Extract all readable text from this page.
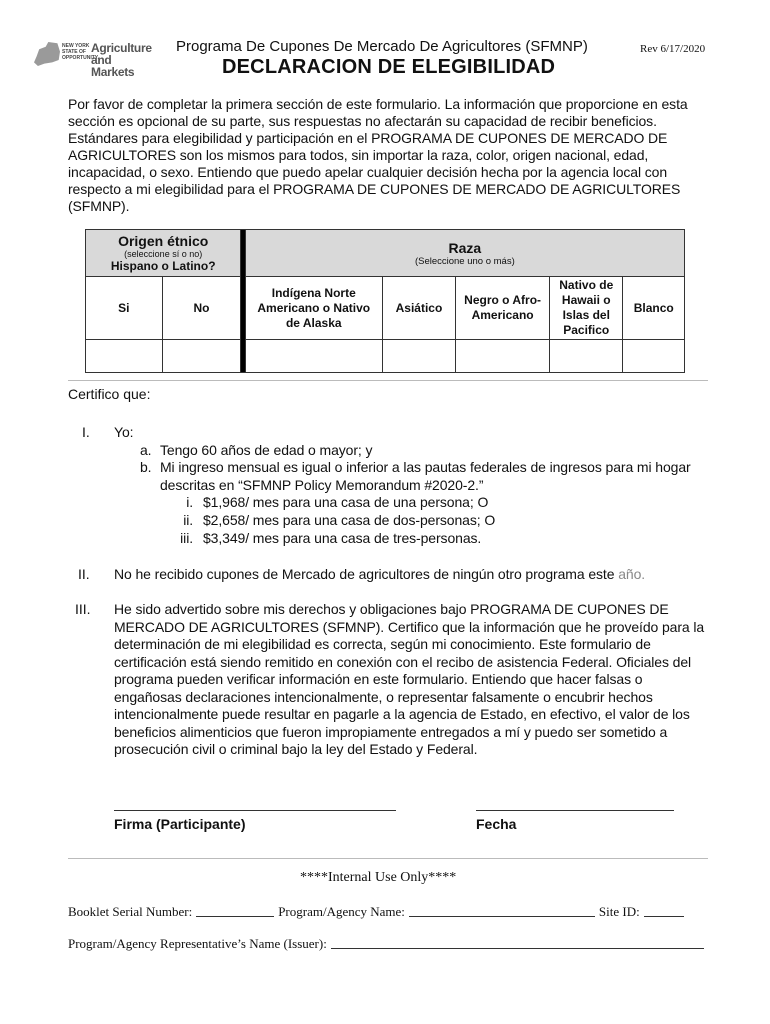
NEW YORK STATE OF OPPORTUNITY.
Agriculture
and Markets
Programa De Cupones De Mercado De Agricultores (SFMNP)	Rev 6/17/2020
DECLARACION DE ELEGIBILIDAD
Por favor de completar la primera sección de este formulario. La información que proporcione en esta sección es opcional de su parte, sus respuestas no afectarán su capacidad de recibir beneficios. Estándares para elegibilidad y participación en el PROGRAMA DE CUPONES DE MERCADO DE AGRICULTORES son los mismos para todos, sin importar la raza, color, origen nacional, edad, incapacidad, o sexo. Entiendo que puedo apelar cualquier decisión hecha por la agencia local con respecto a mi elegibilidad para el PROGRAMA DE CUPONES DE MERCADO DE AGRICULTORES (SFMNP).
Origen étnico
(seleccione sí o no)
Hispano o Latino?			Raza
(Seleccione uno o más)				

Si	No		Indígena Norte Americano o Nativo de Alaska	Asiático	Negro o Afro-Americano	Nativo de Hawaii o Islas del Pacifico	Blanco

Certifico que:
I. Yo:
a. Tengo 60 años de edad o mayor; y
b. Mi ingreso mensual es igual o inferior a las pautas federales de ingresos para mi hogar descritas en “SFMNP Policy Memorandum #2020-2.”
i. $1,968/ mes para una casa de una persona; O
ii. $2,658/ mes para una casa de dos-personas; O
iii. $3,349/ mes para una casa de tres-personas.
II. No he recibido cupones de Mercado de agricultores de ningún otro programa este año.
III. He sido advertido sobre mis derechos y obligaciones bajo PROGRAMA DE CUPONES DE MERCADO DE AGRICULTORES (SFMNP). Certifico que la información que he proveído para la determinación de mi elegibilidad es correcta, según mi conocimiento. Este formulario de certificación está siendo remitido en conexión con el recibo de asistencia Federal. Oficiales del programa pueden verificar información en este formulario. Entiendo que hacer falsas o engañosas declaraciones intencionalmente, o representar falsamente o encubrir hechos intencionalmente puede resultar en pagarle a la agencia de Estado, en efectivo, el valor de los beneficios alimenticios que fueron impropiamente entregados a mí y puedo ser sometido a prosecución civil o criminal bajo la ley del Estado y Federal.
Firma (Participante)	Fecha
****Internal Use Only****
Booklet Serial Number:	Program/Agency Name:	Site ID:
Program/Agency Representative’s Name (Issuer):
